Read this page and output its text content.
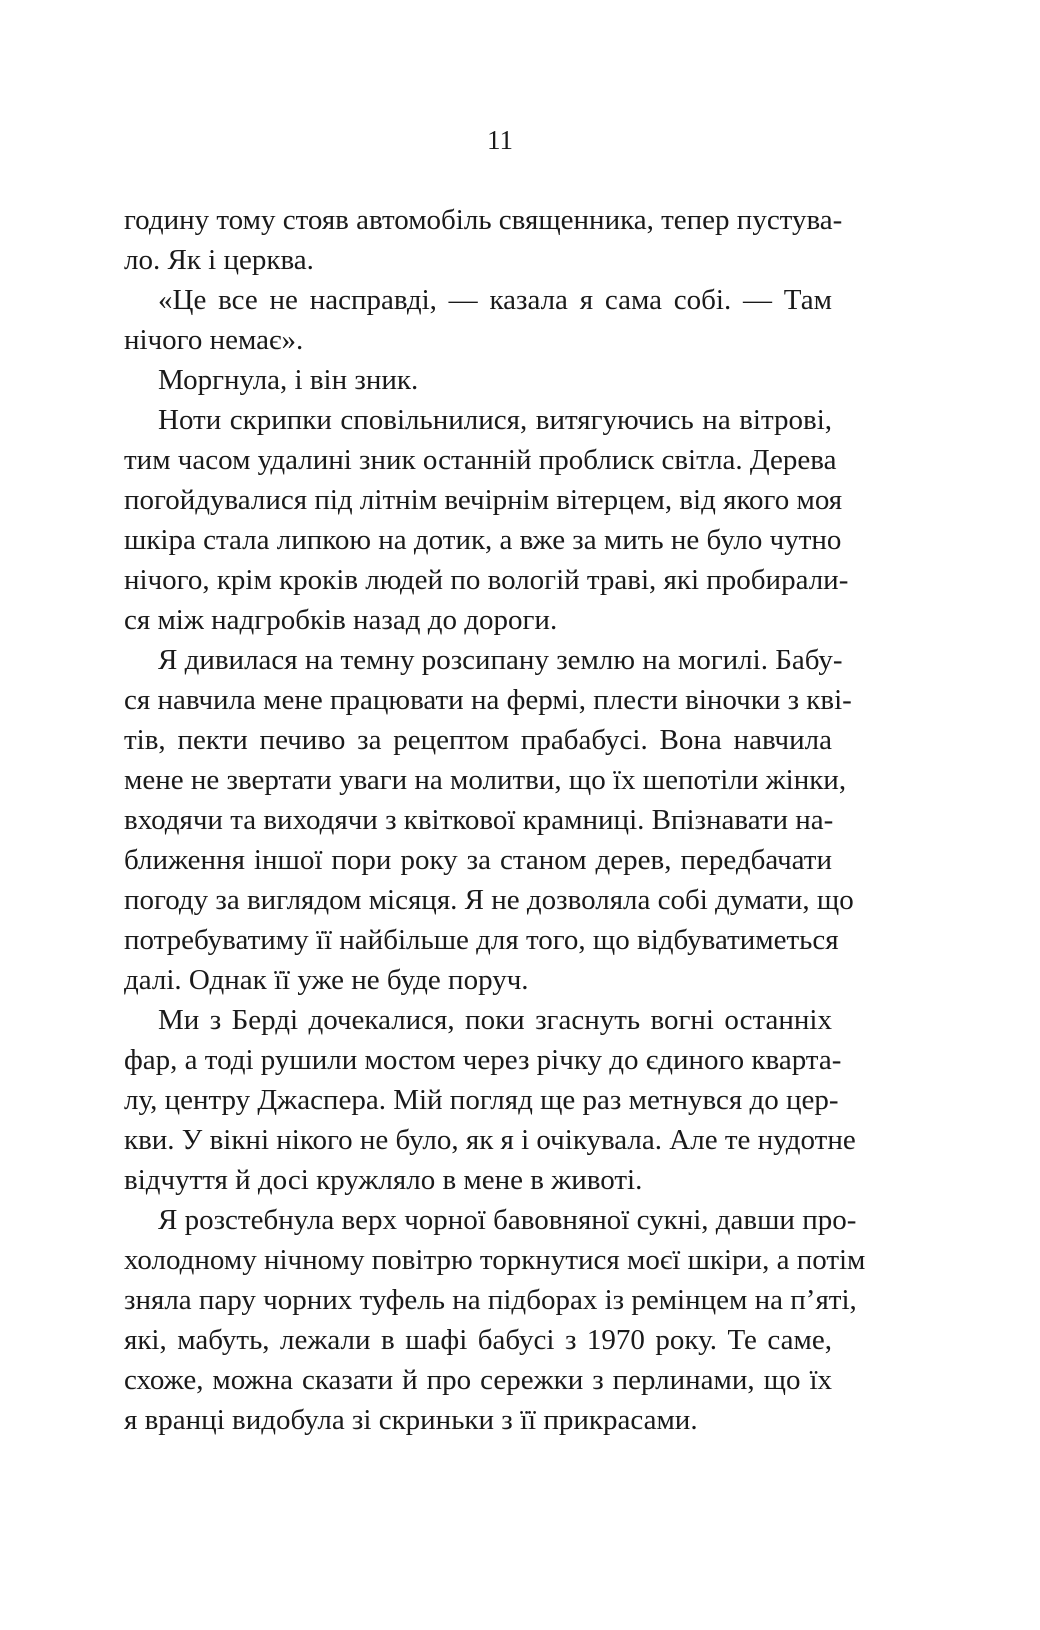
11
годину тому стояв автомобіль священника, тепер пустува-
ло. Як і церква.
«Це все не насправді, — казала я сама собі. — Там
нічого немає».
Моргнула, і він зник.
Ноти скрипки сповільнилися, витягуючись на вітрові,
тим часом удалині зник останній проблиск світла. Дерева
погойдувалися під літнім вечірнім вітерцем, від якого моя
шкіра стала липкою на дотик, а вже за мить не було чутно
нічого, крім кроків людей по вологій траві, які пробирали-
ся між надгробків назад до дороги.
Я дивилася на темну розсипану землю на могилі. Бабу-
ся навчила мене працювати на фермі, плести віночки з кві-
тів, пекти печиво за рецептом прабабусі. Вона навчила
мене не звертати уваги на молитви, що їх шепотіли жінки,
входячи та виходячи з квіткової крамниці. Впізнавати на-
ближення іншої пори року за станом дерев, передбачати
погоду за виглядом місяця. Я не дозволяла собі думати, що
потребуватиму її найбільше для того, що відбуватиметься
далі. Однак її уже не буде поруч.
Ми з Берді дочекалися, поки згаснуть вогні останніх
фар, а тоді рушили мостом через річку до єдиного кварта-
лу, центру Джаспера. Мій погляд ще раз метнувся до цер-
кви. У вікні нікого не було, як я і очікувала. Але те нудотне
відчуття й досі кружляло в мене в животі.
Я розстебнула верх чорної бавовняної сукні, давши про-
холодному нічному повітрю торкнутися моєї шкіри, а потім
зняла пару чорних туфель на підборах із ремінцем на п’яті,
які, мабуть, лежали в шафі бабусі з 1970 року. Те саме,
схоже, можна сказати й про сережки з перлинами, що їх
я вранці видобула зі скриньки з її прикрасами.
